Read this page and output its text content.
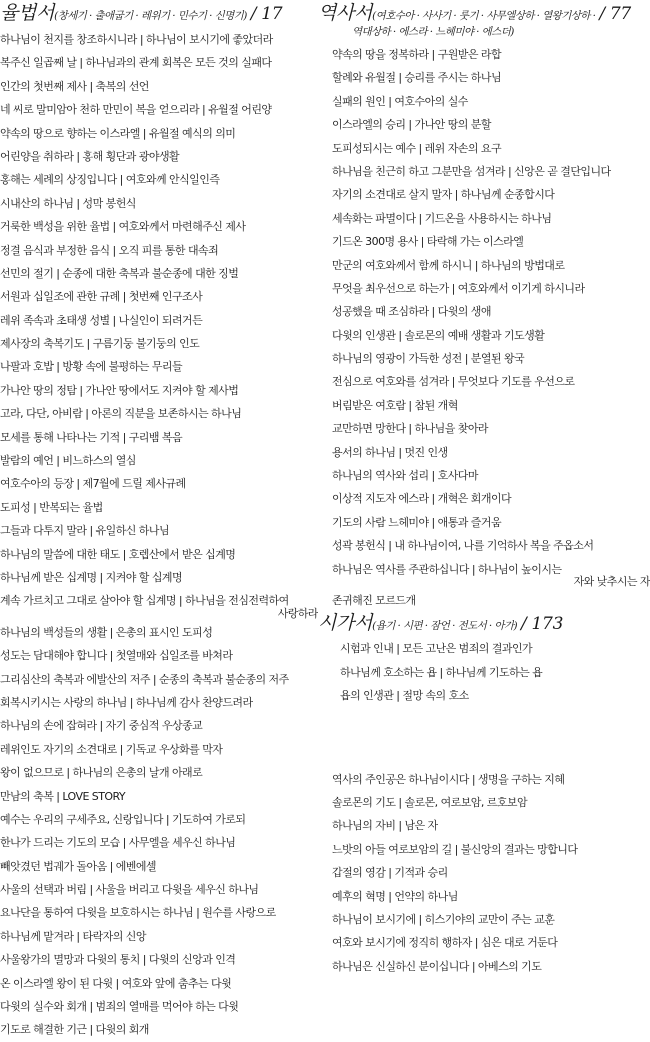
율법서(창세기 · 출애굽기 · 레위기 · 민수기 · 신명기) / 17
하나님이 천지를 창조하시니라 | 하나님이 보시기에 좋았더라
복주신 일곱째 날 | 하나님과의 관계 회복은 모든 것의 실패다
인간의 첫번째 제사 | 축복의 선언
네 씨로 말미암아 천하 만민이 복을 얻으리라 | 유월절 어린양
약속의 땅으로 향하는 이스라엘 | 유월절 예식의 의미
어린양을 취하라 | 홍해 횡단과 광야생활
홍해는 세례의 상징입니다 | 여호와께 안식일인즉
시내산의 하나님 | 성막 봉헌식
거룩한 백성을 위한 율법 | 여호와께서 마련해주신 제사
정결 음식과 부정한 음식 | 오직 피를 통한 대속죄
선민의 절기 | 순종에 대한 축복과 불순종에 대한 징벌
서원과 십일조에 관한 규례 | 첫번째 인구조사
레위 족속과 초태생 성별 | 나실인이 되려거든
제사장의 축복기도 | 구름기둥 불기둥의 인도
나팔과 호밥 | 방황 속에 불평하는 무리들
가나안 땅의 정탐 | 가나안 땅에서도 지켜야 할 제사법
고라, 다단, 아비람 | 아론의 직분을 보존하시는 하나님
모세를 통해 나타나는 기적 | 구리뱀 복음
발람의 예언 | 비느하스의 열심
여호수아의 등장 | 제7월에 드릴 제사규례
도피성 | 반복되는 율법
그들과 다투지 말라 | 유일하신 하나님
하나님의 말씀에 대한 태도 | 호렙산에서 받은 십계명
하나님께 받은 십계명 | 지켜야 할 십계명
계속 가르치고 그대로 살아야 할 십계명 | 하나님을 전심전력하여
사랑하라
하나님의 백성들의 생활 | 은총의 표시인 도피성
성도는 담대해야 합니다 | 첫열매와 십일조를 바쳐라
그리심산의 축복과 에발산의 저주 | 순종의 축복과 불순종의 저주
회복시키시는 사랑의 하나님 | 하나님께 감사 찬양드려라
하나님의 손에 잡혀라 | 자기 중심적 우상종교
레위인도 자기의 소견대로 | 기독교 우상화를 막자
왕이 없으므로 | 하나님의 은총의 날개 아래로
만남의 축복 | LOVE STORY
예수는 우리의 구세주요, 신랑입니다 | 기도하여 가로되
한나가 드리는 기도의 모습 | 사무엘을 세우신 하나님
빼앗겼던 법궤가 돌아옴 | 에벤에셀
사울의 선택과 버림 | 사울을 버리고 다윗을 세우신 하나님
요나단을 통하여 다윗을 보호하시는 하나님 | 원수를 사랑으로
하나님께 맡겨라 | 타락자의 신앙
사울왕가의 멸망과 다윗의 통치 | 다윗의 신앙과 인격
온 이스라엘 왕이 된 다윗 | 여호와 앞에 춤추는 다윗
다윗의 실수와 회개 | 범죄의 열매를 먹어야 하는 다윗
기도로 해결한 기근 | 다윗의 회개
역사서(여호수아 · 사사기 · 룻기 · 사무엘상하 · 열왕기상하 · / 77
역대상하 · 에스라 · 느헤미야 · 에스더)
약속의 땅을 정복하라 | 구원받은 라합
할례와 유월절 | 승리를 주시는 하나님
실패의 원인 | 여호수아의 실수
이스라엘의 승리 | 가나안 땅의 분할
도피성되시는 예수 | 레위 자손의 요구
하나님을 친근히 하고 그분만을 섬겨라 | 신앙은 곧 결단입니다
자기의 소견대로 살지 말자 | 하나님께 순종합시다
세속화는 파멸이다 | 기드온을 사용하시는 하나님
기드온 300명 용사 | 타락해 가는 이스라엘
만군의 여호와께서 함께 하시니 | 하나님의 방법대로
무엇을 최우선으로 하는가 | 여호와께서 이기게 하시니라
성공했을 때 조심하라 | 다윗의 생애
다윗의 인생관 | 솔로몬의 예배 생활과 기도생활
하나님의 영광이 가득한 성전 | 분열된 왕국
전심으로 여호와를 섬겨라 | 무엇보다 기도를 우선으로
버림받은 여호람 | 참된 개혁
교만하면 망한다 | 하나님을 찾아라
용서의 하나님 | 멋진 인생
하나님의 역사와 섭리 | 호사다마
이상적 지도자 에스라 | 개혁은 회개이다
기도의 사람 느헤미야 | 애통과 즐거움
성곽 봉헌식 | 내 하나님이여, 나를 기억하사 복을 주옵소서
하나님은 역사를 주관하십니다 | 하나님이 높이시는
자와 낮추시는 자
존귀해진 모르드개
시가서(욥기 · 시편 · 잠언 · 전도서 · 아가) / 173
시험과 인내 | 모든 고난은 범죄의 결과인가
하나님께 호소하는 욥 | 하나님께 기도하는 욥
욥의 인생관 | 절망 속의 호소
역사의 주인공은 하나님이시다 | 생명을 구하는 지혜
솔로몬의 기도 | 솔로몬, 여로보암, 르호보암
하나님의 자비 | 남은 자
느밧의 아들 여로보암의 길 | 불신앙의 결과는 망합니다
갑절의 영감 | 기적과 승리
예후의 혁명 | 언약의 하나님
하나님이 보시기에 | 히스기야의 교만이 주는 교훈
여호와 보시기에 정직히 행하자 | 심은 대로 거둔다
하나님은 신실하신 분이십니다 | 아베스의 기도
